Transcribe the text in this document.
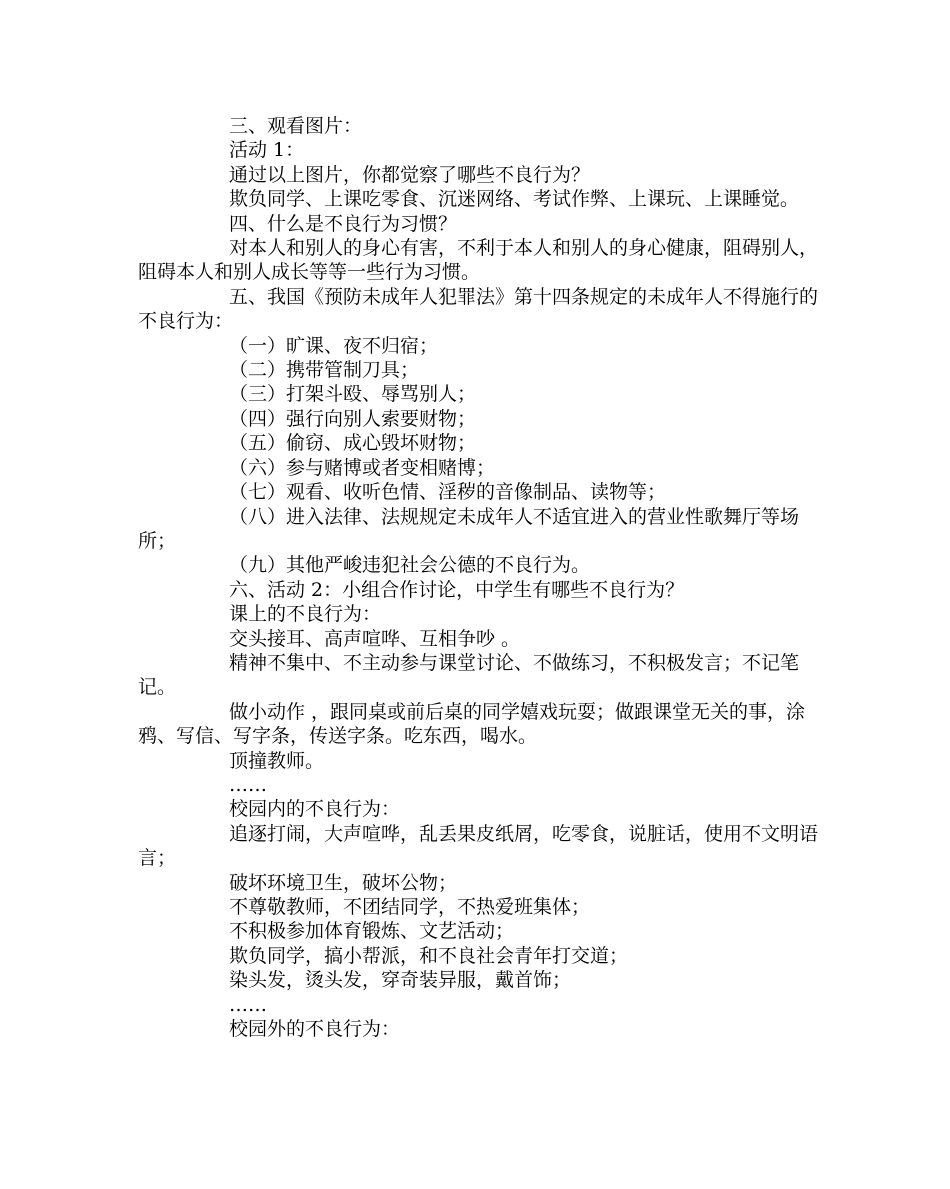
三、观看图片：

活动 1：

通过以上图片，你都觉察了哪些不良行为？

欺负同学、上课吃零食、沉迷网络、考试作弊、上课玩、上课睡觉。

四、什么是不良行为习惯？

对本人和别人的身心有害，不利于本人和别人的身心健康，阻碍别人，阻碍本人和别人成长等等一些行为习惯。

五、我国《预防未成年人犯罪法》第十四条规定的未成年人不得施行的不良行为：

（一）旷课、夜不归宿；

（二）携带管制刀具；

（三）打架斗殴、辱骂别人；

（四）强行向别人索要财物；

（五）偷窃、成心毁坏财物；

（六）参与赌博或者变相赌博；

（七）观看、收听色情、淫秽的音像制品、读物等；

（八）进入法律、法规规定未成年人不适宜进入的营业性歌舞厅等场所；

（九）其他严峻违犯社会公德的不良行为。

六、活动 2：小组合作讨论，中学生有哪些不良行为？

课上的不良行为：

交头接耳、高声喧哗、互相争吵 。

精神不集中、不主动参与课堂讨论、不做练习，不积极发言；不记笔记。

做小动作 ，跟同桌或前后桌的同学嬉戏玩耍；做跟课堂无关的事，涂鸦、写信、写字条，传送字条。吃东西，喝水。

顶撞教师。

……

校园内的不良行为：

追逐打闹，大声喧哗，乱丢果皮纸屑，吃零食，说脏话，使用不文明语言；

破坏环境卫生，破坏公物；

不尊敬教师，不团结同学，不热爱班集体；

不积极参加体育锻炼、文艺活动；

欺负同学，搞小帮派，和不良社会青年打交道；

染头发，烫头发，穿奇装异服，戴首饰；

……

校园外的不良行为：
